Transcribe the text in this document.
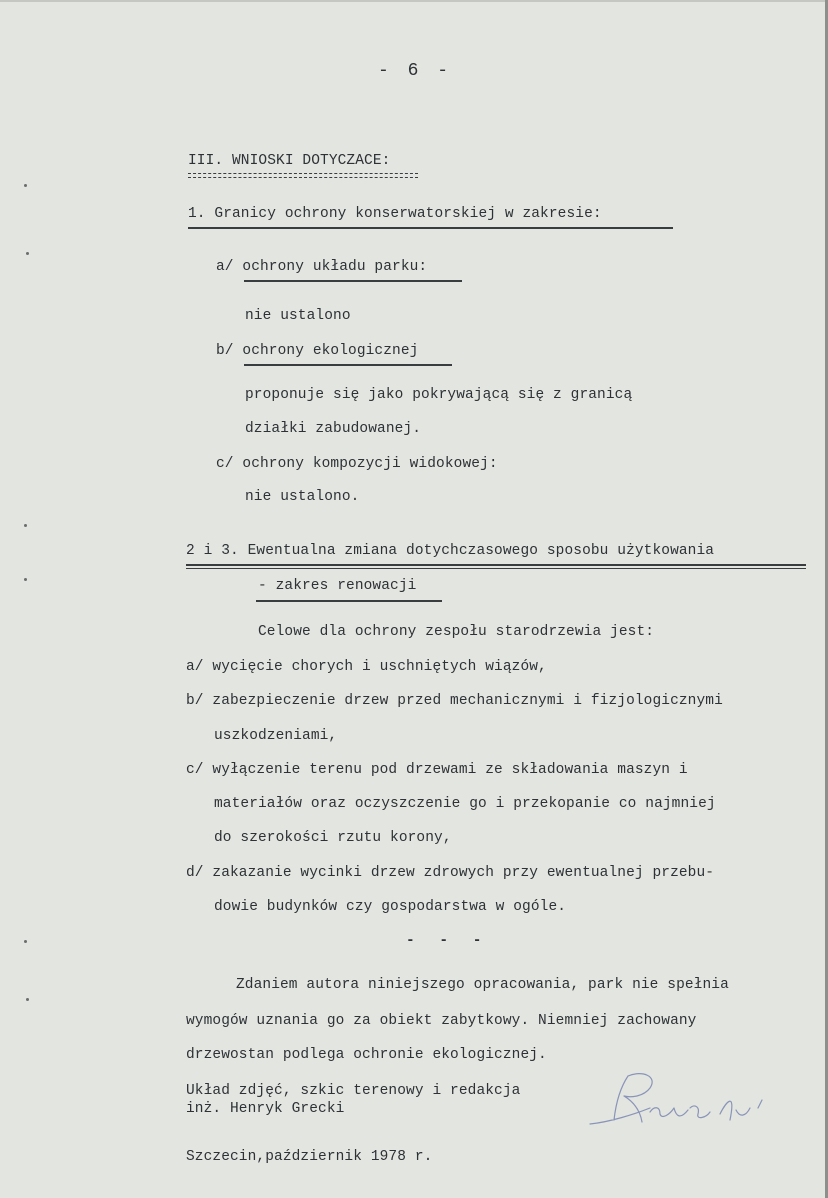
- 6 -

III. WNIOSKI DOTYCZACE:

1. Granicy ochrony konserwatorskiej w zakresie:

a/ ochrony układu parku:

nie ustalono

b/ ochrony ekologicznej

proponuje się jako pokrywającą się z granicą

działki zabudowanej.

c/ ochrony kompozycji widokowej:

nie ustalono.

2 i 3. Ewentualna zmiana dotychczasowego sposobu użytkowania

- zakres renowacji

Celowe dla ochrony zespołu starodrzewia jest:

a/ wycięcie chorych i uschniętych wiązów,

b/ zabezpieczenie drzew przed mechanicznymi i fizjologicznymi

uszkodzeniami,

c/ wyłączenie terenu pod drzewami ze składowania maszyn i

materiałów oraz oczyszczenie go i przekopanie co najmniej

do szerokości rzutu korony,

d/ zakazanie wycinki drzew zdrowych przy ewentualnej przebu-

dowie budynków czy gospodarstwa w ogóle.

- - -

Zdaniem autora niniejszego opracowania, park nie spełnia

wymogów uznania go za obiekt zabytkowy. Niemniej zachowany

drzewostan podlega ochronie ekologicznej.

Układ zdjęć, szkic terenowy i redakcja

inż. Henryk Grecki

Szczecin,październik 1978 r.
